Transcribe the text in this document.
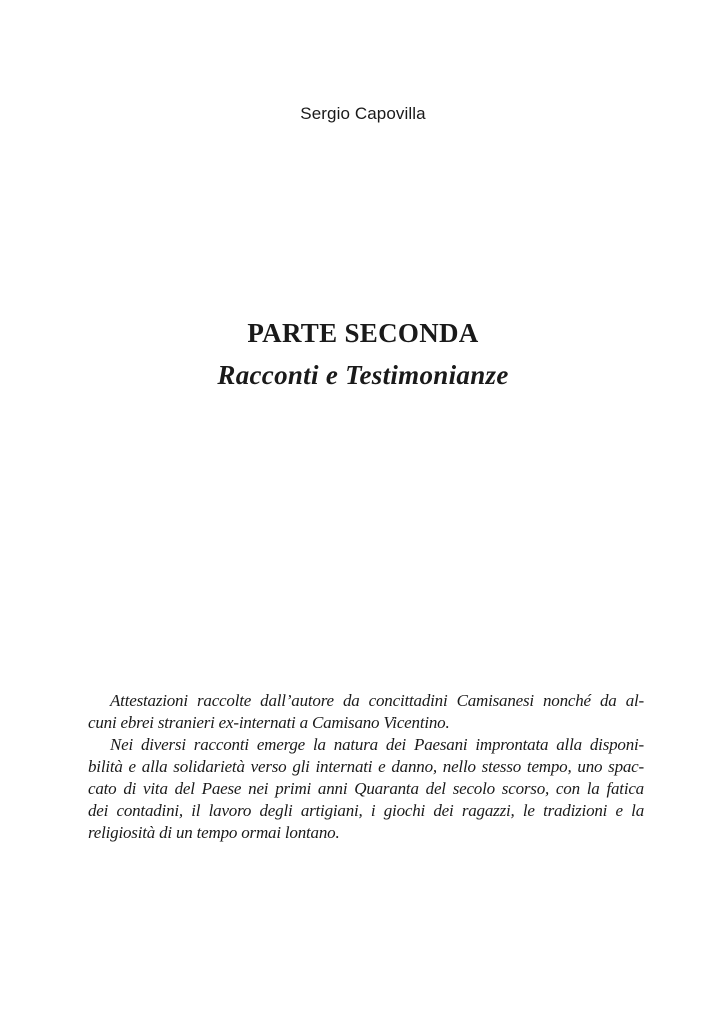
Sergio Capovilla
PARTE SECONDA
Racconti e Testimonianze
Attestazioni raccolte dall’autore da concittadini Camisanesi nonché da al-
cuni ebrei stranieri ex-internati a Camisano Vicentino.
Nei diversi racconti emerge la natura dei Paesani improntata alla disponi-
bilità e alla solidarietà verso gli internati e danno, nello stesso tempo, uno spac-
cato di vita del Paese nei primi anni Quaranta del secolo scorso, con la fatica
dei contadini, il lavoro degli artigiani, i giochi dei ragazzi, le tradizioni e la
religiosità di un tempo ormai lontano.
